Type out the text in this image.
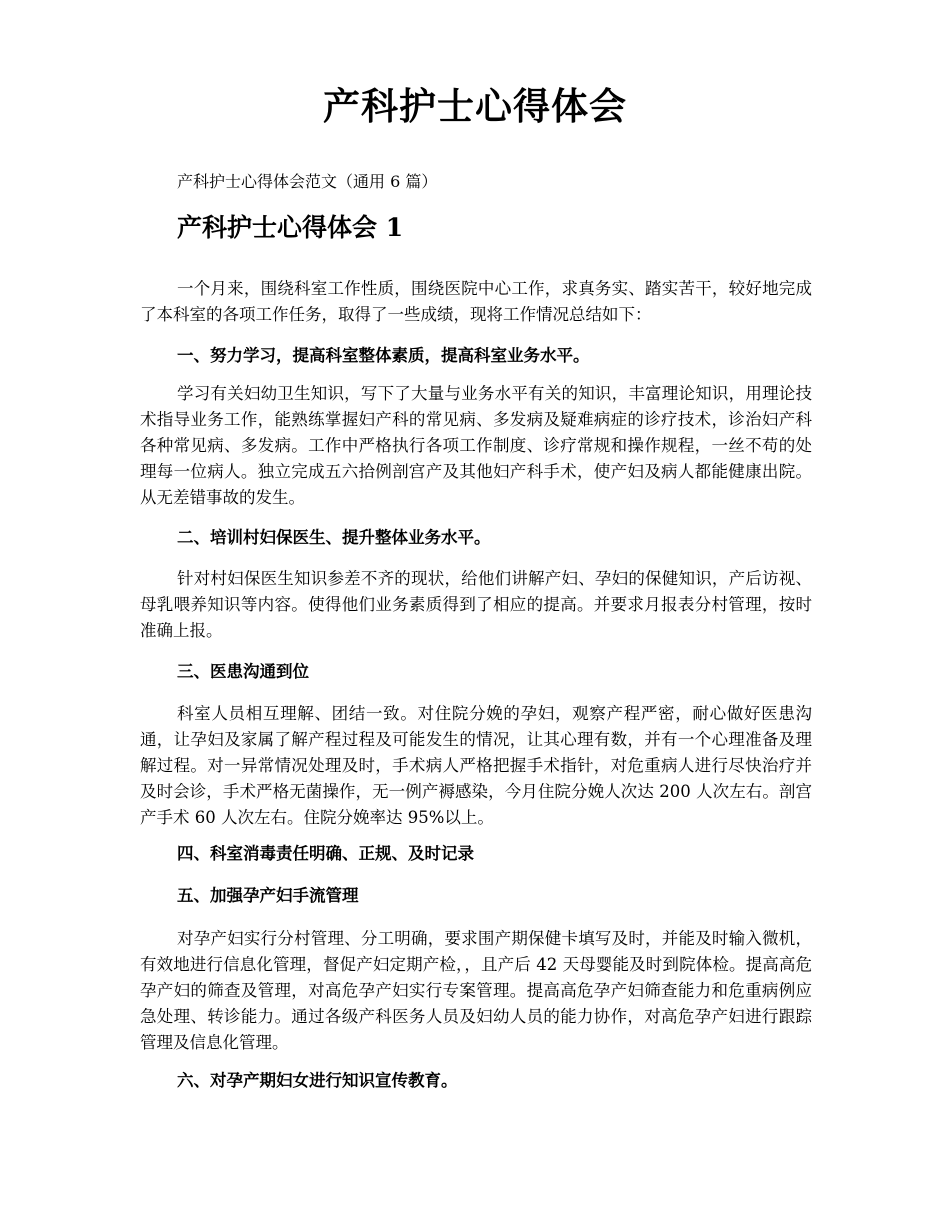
产科护士心得体会
产科护士心得体会范文（通用 6 篇）
产科护士心得体会 1

一个月来，围绕科室工作性质，围绕医院中心工作，求真务实、踏实苦干，较好地完成了本科室的各项工作任务，取得了一些成绩，现将工作情况总结如下：

一、努力学习，提高科室整体素质，提高科室业务水平。

学习有关妇幼卫生知识，写下了大量与业务水平有关的知识，丰富理论知识，用理论技术指导业务工作，能熟练掌握妇产科的常见病、多发病及疑难病症的诊疗技术，诊治妇产科各种常见病、多发病。工作中严格执行各项工作制度、诊疗常规和操作规程，一丝不苟的处理每一位病人。独立完成五六拾例剖宫产及其他妇产科手术，使产妇及病人都能健康出院。从无差错事故的发生。

二、培训村妇保医生、提升整体业务水平。

针对村妇保医生知识参差不齐的现状，给他们讲解产妇、孕妇的保健知识，产后访视、母乳喂养知识等内容。使得他们业务素质得到了相应的提高。并要求月报表分村管理，按时准确上报。

三、医患沟通到位

科室人员相互理解、团结一致。对住院分娩的孕妇，观察产程严密，耐心做好医患沟通，让孕妇及家属了解产程过程及可能发生的情况，让其心理有数，并有一个心理准备及理解过程。对一异常情况处理及时，手术病人严格把握手术指针，对危重病人进行尽快治疗并及时会诊，手术严格无菌操作，无一例产褥感染，今月住院分娩人次达 200 人次左右。剖宫产手术 60 人次左右。住院分娩率达 95%以上。

四、科室消毒责任明确、正规、及时记录
五、加强孕产妇手流管理

对孕产妇实行分村管理、分工明确，要求围产期保健卡填写及时，并能及时输入微机，有效地进行信息化管理，督促产妇定期产检，，且产后 42 天母婴能及时到院体检。提高高危孕产妇的筛查及管理，对高危孕产妇实行专案管理。提高高危孕产妇筛查能力和危重病例应急处理、转诊能力。通过各级产科医务人员及妇幼人员的能力协作，对高危孕产妇进行跟踪管理及信息化管理。

六、对孕产期妇女进行知识宣传教育。
